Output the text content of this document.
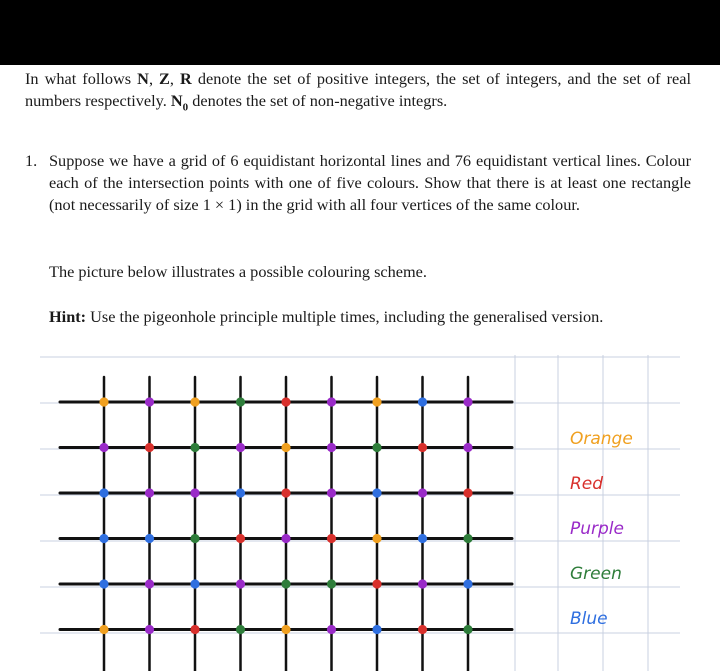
In what follows N, Z, R denote the set of positive integers, the set of integers, and the set of real numbers respectively. $N_0$ denotes the set of non-negative integrs.

1. Suppose we have a grid of 6 equidistant horizontal lines and 76 equidistant vertical lines. Colour each of the intersection points with one of five colours. Show that there is at least one rectangle (not necessarily of size 1 × 1) in the grid with all four vertices of the same colour.

The picture below illustrates a possible colouring scheme.

Hint: Use the pigeonhole principle multiple times, including the generalised version.

Orange
Red
Purple
Green
Blue
